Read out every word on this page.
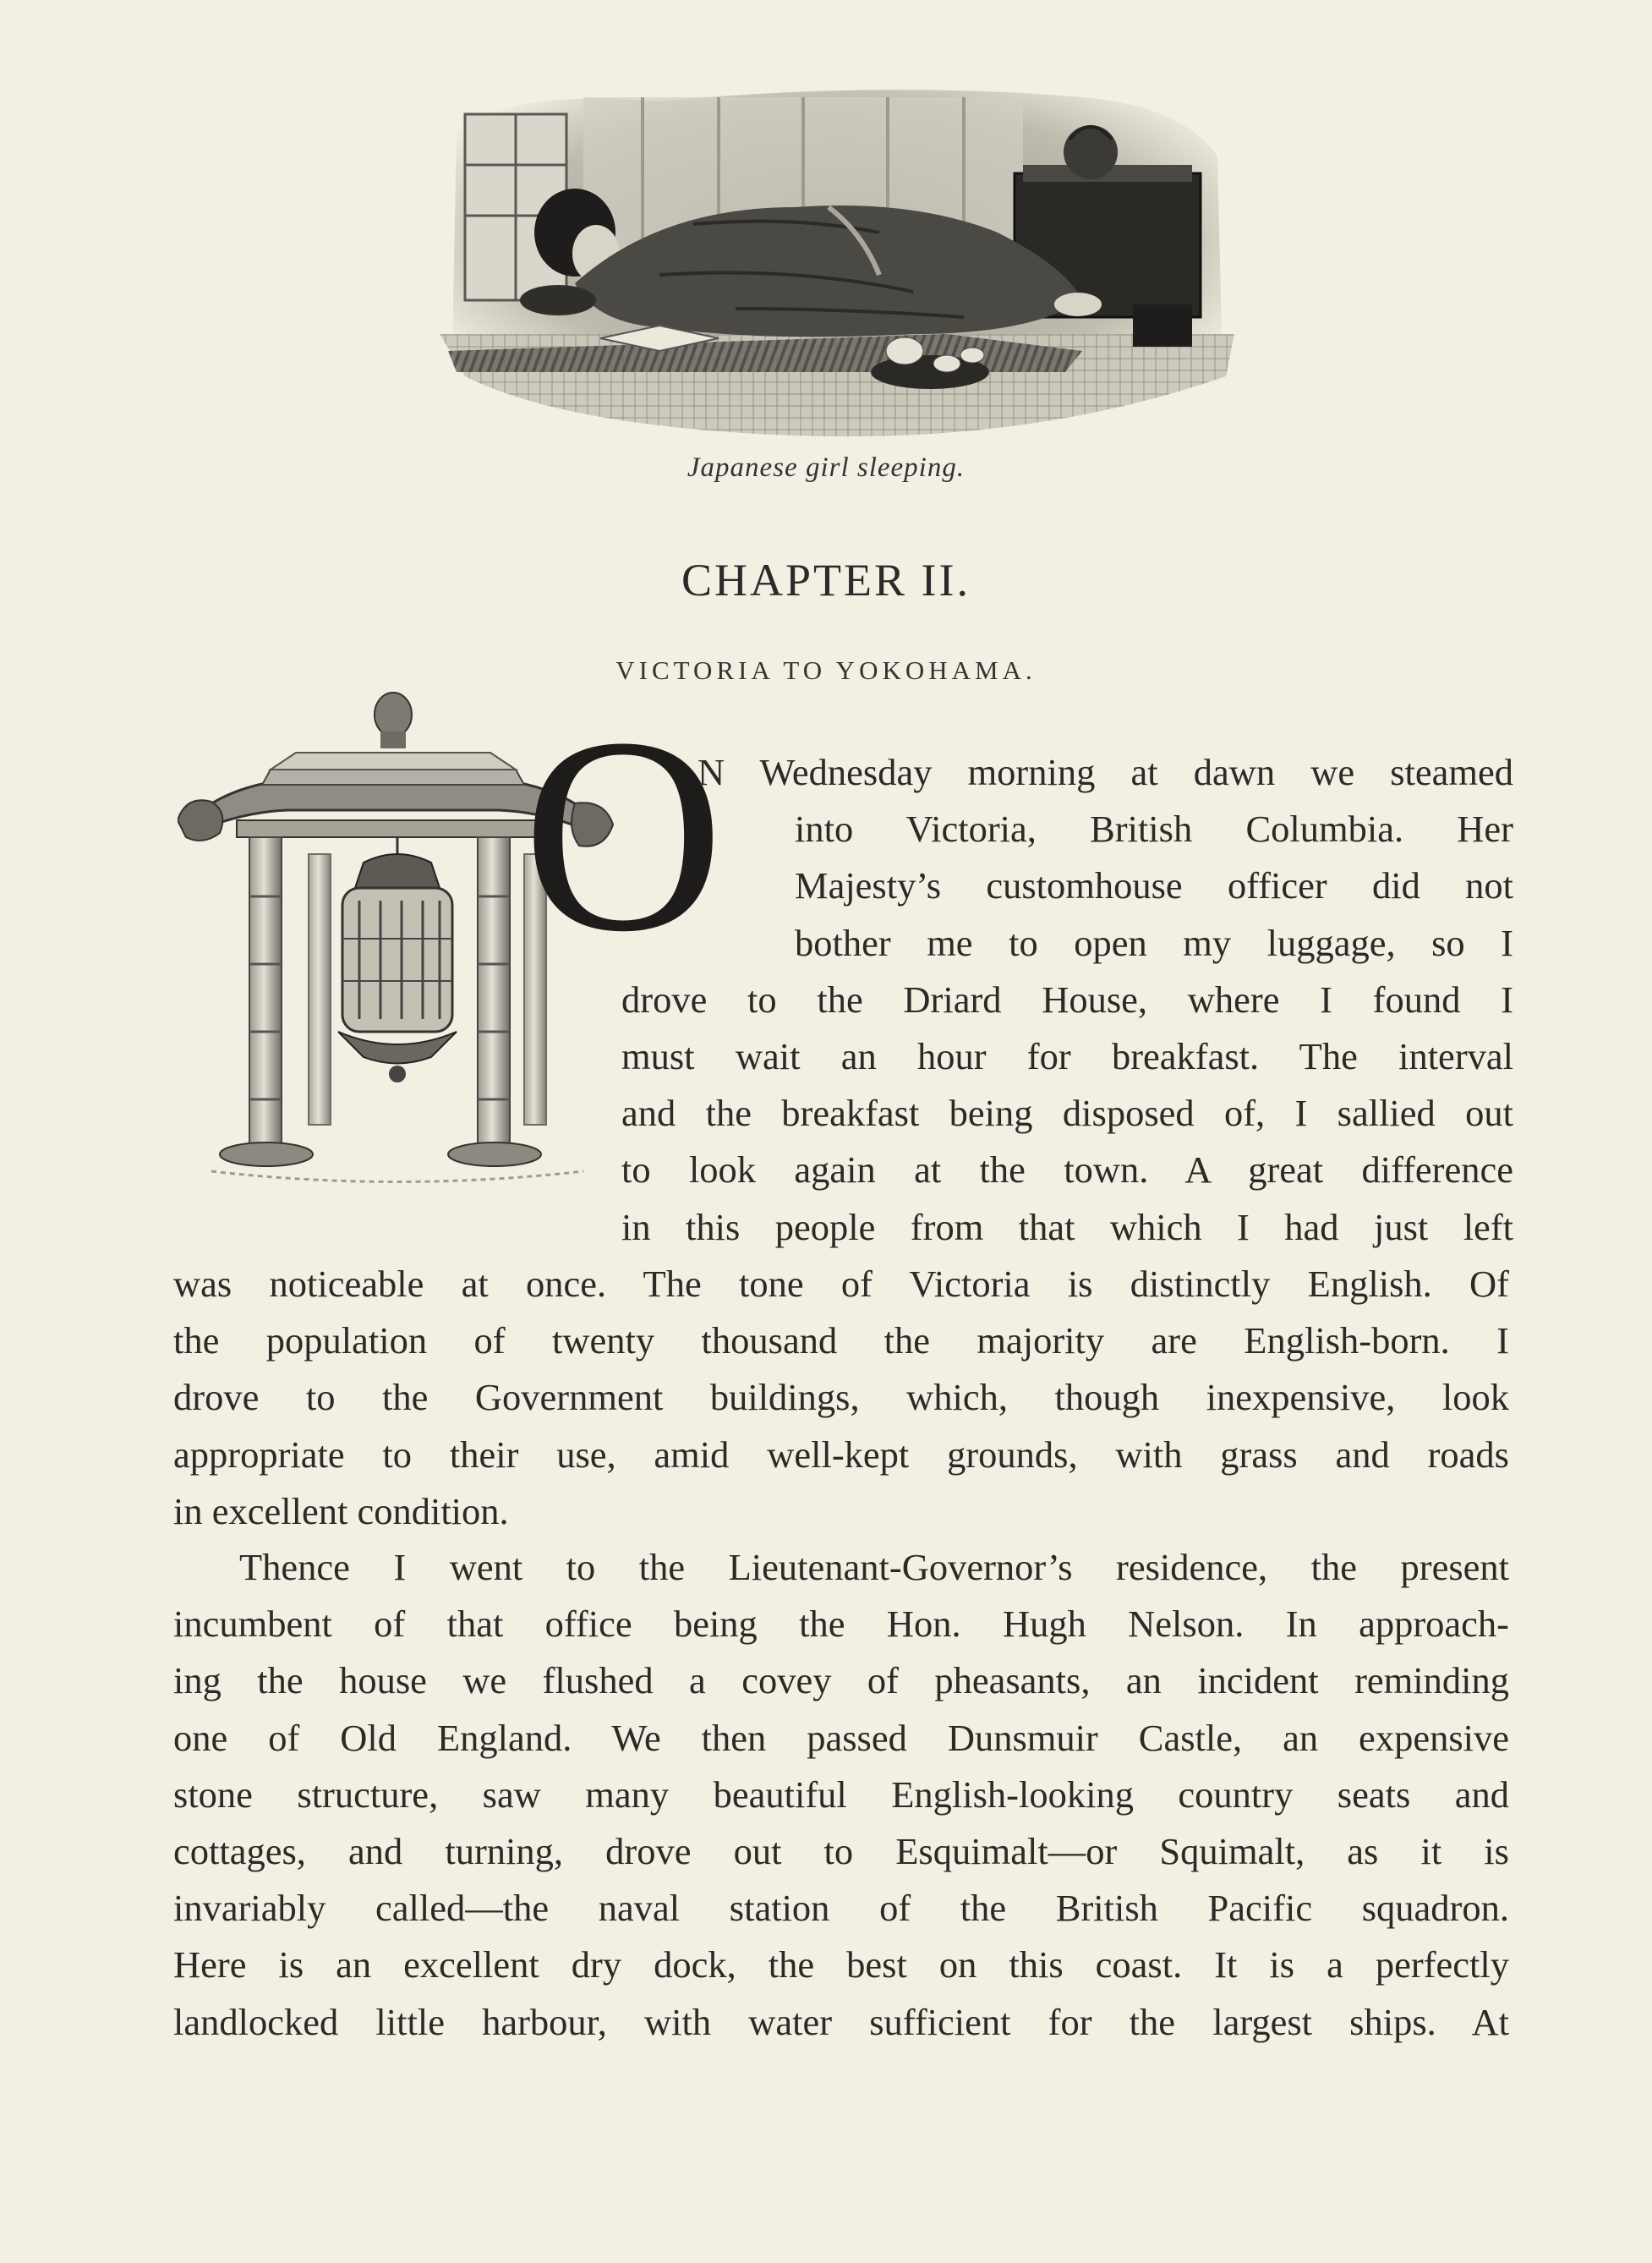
Japanese girl sleeping.
CHAPTER II.
VICTORIA TO YOKOHAMA.
O
N Wednesday morning at dawn we steamed
into Victoria, British Columbia. Her
Majesty’s customhouse officer did not
bother me to open my luggage, so I
drove to the Driard House, where I found I
must wait an hour for breakfast. The interval
and the breakfast being disposed of, I sallied out
to look again at the town. A great difference
in this people from that which I had just left
was noticeable at once. The tone of Victoria is distinctly English. Of
the population of twenty thousand the majority are English-born. I
drove to the Government buildings, which, though inexpensive, look
appropriate to their use, amid well-kept grounds, with grass and roads
in excellent condition.
Thence I went to the Lieutenant-Governor’s residence, the present
incumbent of that office being the Hon. Hugh Nelson. In approach-
ing the house we flushed a covey of pheasants, an incident reminding
one of Old England. We then passed Dunsmuir Castle, an expensive
stone structure, saw many beautiful English-looking country seats and
cottages, and turning, drove out to Esquimalt—or Squimalt, as it is
invariably called—the naval station of the British Pacific squadron.
Here is an excellent dry dock, the best on this coast. It is a perfectly
landlocked little harbour, with water sufficient for the largest ships. At
